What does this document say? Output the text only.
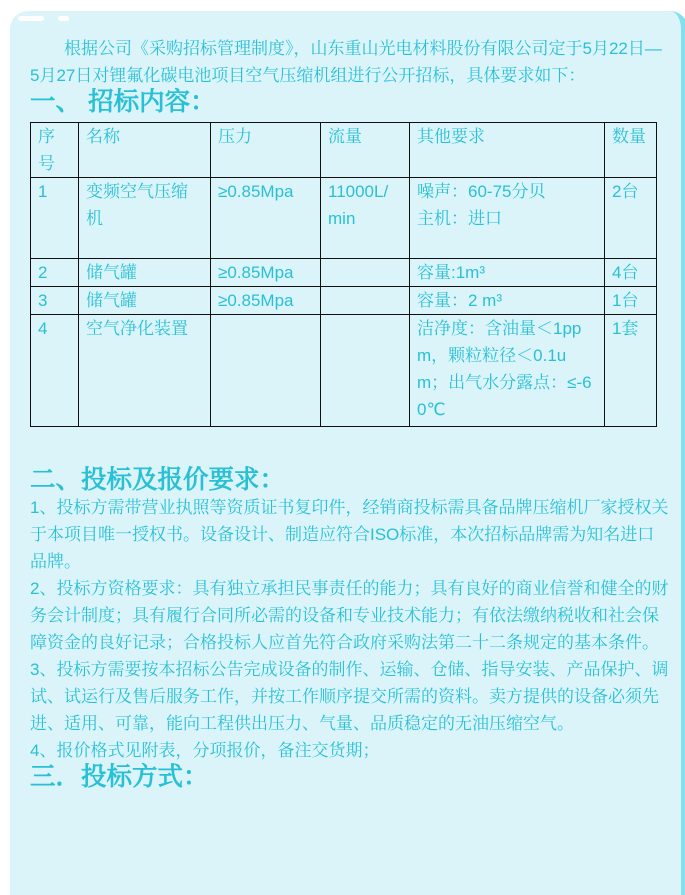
根据公司《采购招标管理制度》，山东重山光电材料股份有限公司定于5月22日—5月27日对锂氟化碳电池项目空气压缩机组进行公开招标，具体要求如下：

一、 招标内容：
序号	名称	压力	流量	其他要求	数量
1	变频空气压缩机	≥0.85Mpa	11000L/min	噪声：60-75分贝
主机：进口	2台
2	储气罐	≥0.85Mpa		容量:1m³	4台
3	储气罐	≥0.85Mpa		容量：2 m³	1台
4	空气净化装置			洁净度：含油量＜1ppm，颗粒粒径＜0.1um；出气水分露点：≤-60℃	1套
二、投标及报价要求：

1、投标方需带营业执照等资质证书复印件，经销商投标需具备品牌压缩机厂家授权关于本项目唯一授权书。设备设计、制造应符合ISO标准，本次招标品牌需为知名进口品牌。

2、投标方资格要求：具有独立承担民事责任的能力；具有良好的商业信誉和健全的财务会计制度；具有履行合同所必需的设备和专业技术能力；有依法缴纳税收和社会保障资金的良好记录；合格投标人应首先符合政府采购法第二十二条规定的基本条件。

3、投标方需要按本招标公告完成设备的制作、运输、仓储、指导安装、产品保护、调试、试运行及售后服务工作，并按工作顺序提交所需的资料。卖方提供的设备必须先进、适用、可靠，能向工程供出压力、气量、品质稳定的无油压缩空气。

4、报价格式见附表，分项报价，备注交货期；

三．投标方式：
